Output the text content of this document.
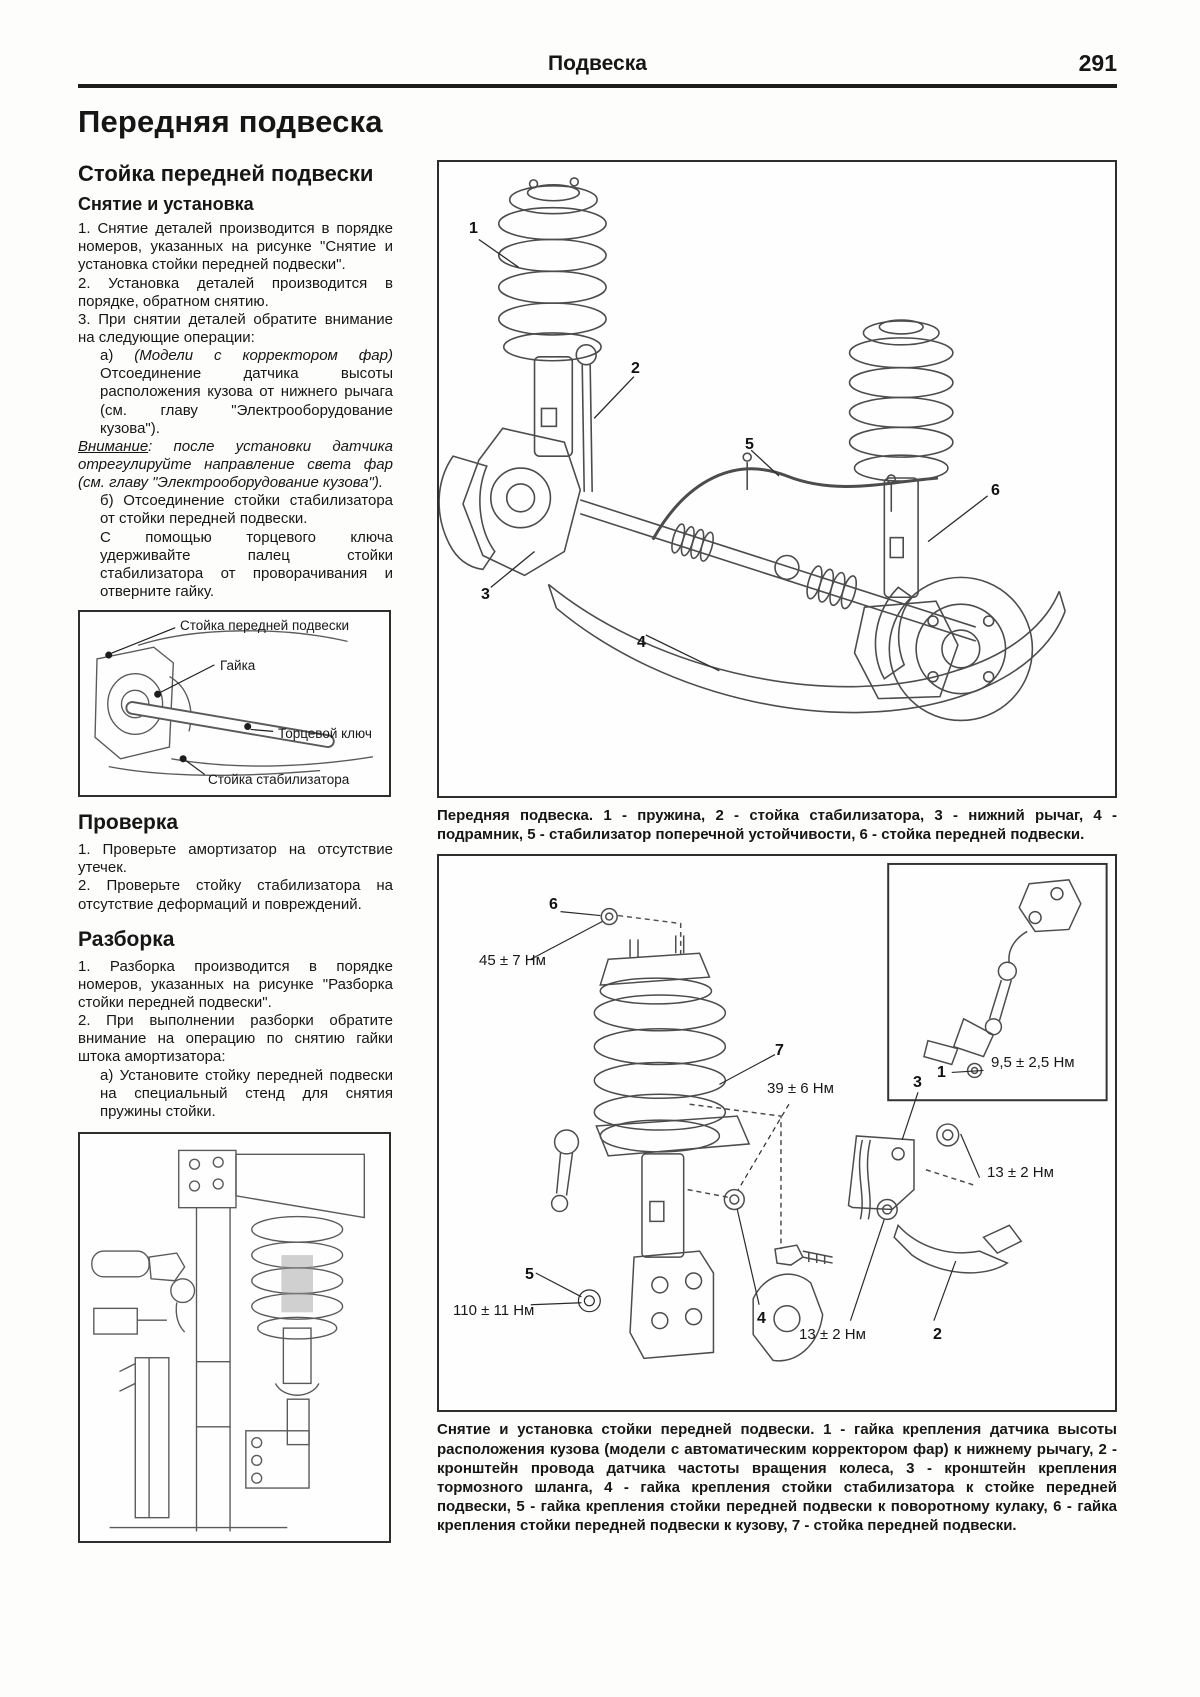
Подвеска	291
Передняя подвеска
Стойка передней подвески
Снятие и установка

1. Снятие деталей производится в порядке номеров, указанных на рисунке "Снятие и установка стойки передней подвески".

2. Установка деталей производится в порядке, обратном снятию.

3. При снятии деталей обратите внимание на следующие операции:

а) (Модели с корректором фар) Отсоединение датчика высоты расположения кузова от нижнего рычага (см. главу "Электрооборудование кузова").

Внимание: после установки датчика отрегулируйте направление света фар (см. главу "Электрооборудование кузова").

б) Отсоединение стойки стабилизатора от стойки передней подвески.

С помощью торцевого ключа удерживайте палец стойки стабилизатора от проворачивания и отверните гайку.

Стойка передней подвески
Гайка
Торцевой ключ
Стойка стабилизатора
Проверка

1. Проверьте амортизатор на отсутствие утечек.

2. Проверьте стойку стабилизатора на отсутствие деформаций и повреждений.

Разборка

1. Разборка производится в порядке номеров, указанных на рисунке "Разборка стойки передней подвески".

2. При выполнении разборки обратите внимание на операцию по снятию гайки штока амортизатора:

а) Установите стойку передней подвески на специальный стенд для снятия пружины стойки.

1
2
3
4
5
6

Передняя подвеска. 1 - пружина, 2 - стойка стабилизатора, 3 - нижний рычаг, 4 - подрамник, 5 - стабилизатор поперечной устойчивости, 6 - стойка передней подвески.

6
45 ± 7 Нм
7
1
9,5 ± 2,5 Нм
39 ± 6 Нм	3
13 ± 2 Нм
4
13 ± 2 Нм	2
5
110 ± 11 Нм

Снятие и установка стойки передней подвески. 1 - гайка крепления датчика высоты расположения кузова (модели с автоматическим корректором фар) к нижнему рычагу, 2 - кронштейн провода датчика частоты вращения колеса, 3 - кронштейн крепления тормозного шланга, 4 - гайка крепления стойки стабилизатора к стойке передней подвески, 5 - гайка крепления стойки передней подвески к поворотному кулаку, 6 - гайка крепления стойки передней подвески к кузову, 7 - стойка передней подвески.
